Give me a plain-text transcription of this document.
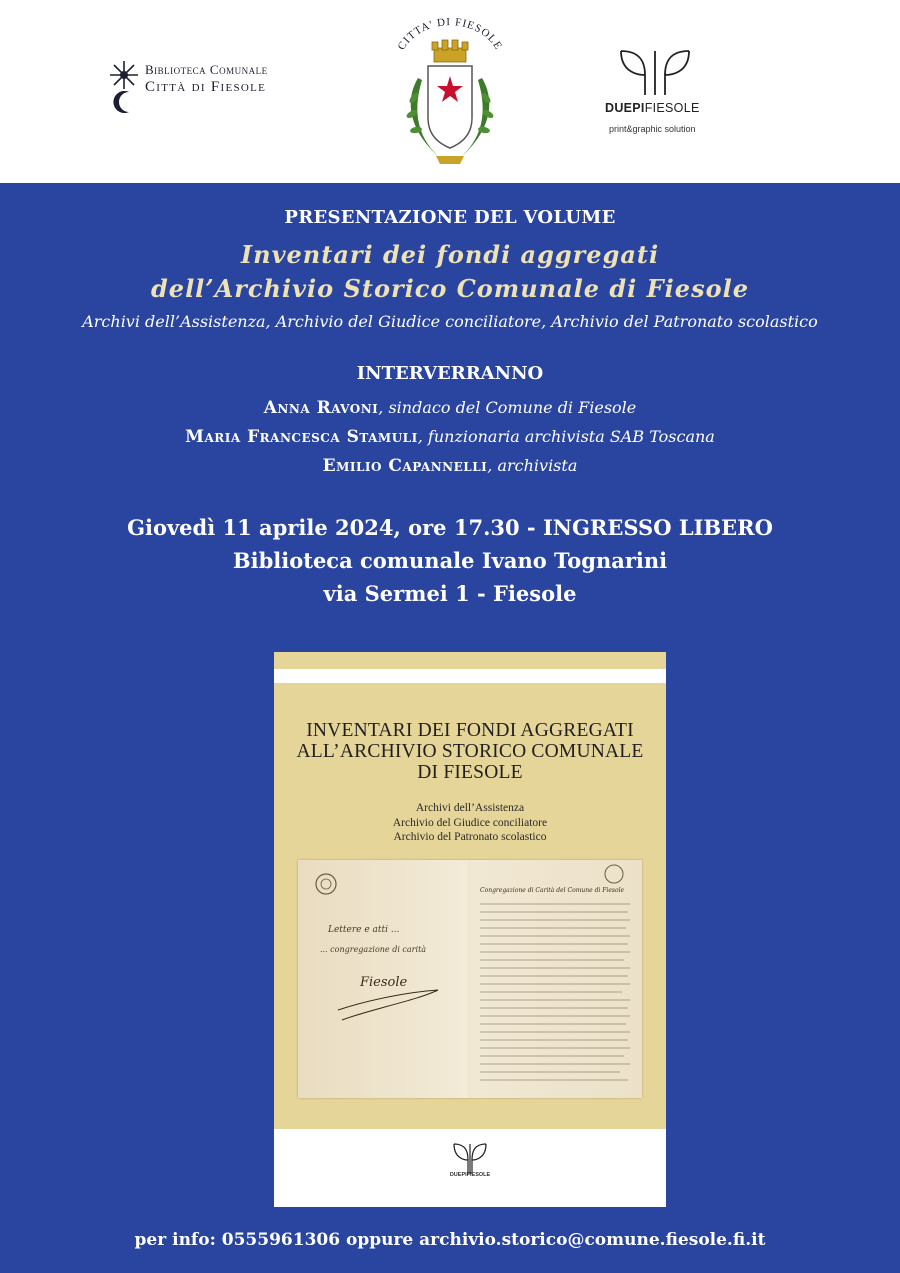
Biblioteca Comunale
Città di Fiesole
CITTA' DI FIESOLE
DUEPIFIESOLE
print&graphic solution
PRESENTAZIONE DEL VOLUME
Inventari dei fondi aggregati
dell’Archivio Storico Comunale di Fiesole
Archivi dell’Assistenza, Archivio del Giudice conciliatore, Archivio del Patronato scolastico
INTERVERRANNO
Anna Ravoni, sindaco del Comune di Fiesole
Maria Francesca Stamuli, funzionaria archivista SAB Toscana
Emilio Capannelli, archivista
Giovedì 11 aprile 2024, ore 17.30 - INGRESSO LIBERO
Biblioteca comunale Ivano Tognarini
via Sermei 1 - Fiesole
INVENTARI DEI FONDI AGGREGATI
ALL’ARCHIVIO STORICO COMUNALE
DI FIESOLE
Archivi dell’Assistenza
Archivio del Giudice conciliatore
Archivio del Patronato scolastico
Lettere e atti ...
... congregazione di carità
Fiesole
Congregazione di Carità del Comune di Fiesole
DUEPIFIESOLE
per info: 0555961306 oppure archivio.storico@comune.fiesole.fi.it
